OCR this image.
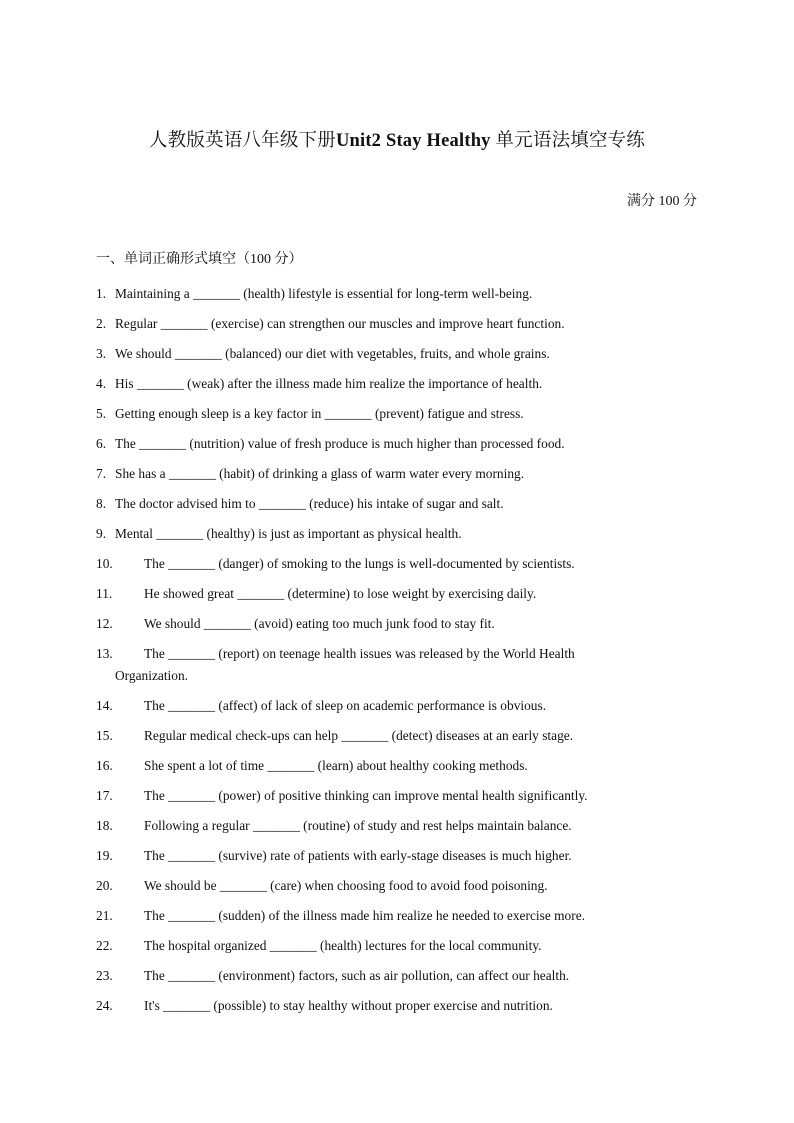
人教版英语八年级下册Unit2 Stay Healthy 单元语法填空专练
满分 100 分
一、单词正确形式填空（100 分）
1. Maintaining a _______ (health) lifestyle is essential for long-term well-being.
2. Regular _______ (exercise) can strengthen our muscles and improve heart function.
3. We should _______ (balanced) our diet with vegetables, fruits, and whole grains.
4. His _______ (weak) after the illness made him realize the importance of health.
5. Getting enough sleep is a key factor in _______ (prevent) fatigue and stress.
6. The _______ (nutrition) value of fresh produce is much higher than processed food.
7. She has a _______ (habit) of drinking a glass of warm water every morning.
8. The doctor advised him to _______ (reduce) his intake of sugar and salt.
9. Mental _______ (healthy) is just as important as physical health.
10.	The _______ (danger) of smoking to the lungs is well-documented by scientists.
11.	He showed great _______ (determine) to lose weight by exercising daily.
12.	We should _______ (avoid) eating too much junk food to stay fit.
13.	The _______ (report) on teenage health issues was released by the World Health
Organization.
14.	The _______ (affect) of lack of sleep on academic performance is obvious.
15.	Regular medical check-ups can help _______ (detect) diseases at an early stage.
16.	She spent a lot of time _______ (learn) about healthy cooking methods.
17.	The _______ (power) of positive thinking can improve mental health significantly.
18.	Following a regular _______ (routine) of study and rest helps maintain balance.
19.	The _______ (survive) rate of patients with early-stage diseases is much higher.
20.	We should be _______ (care) when choosing food to avoid food poisoning.
21.	The _______ (sudden) of the illness made him realize he needed to exercise more.
22.	The hospital organized _______ (health) lectures for the local community.
23.	The _______ (environment) factors, such as air pollution, can affect our health.
24.	It's _______ (possible) to stay healthy without proper exercise and nutrition.
